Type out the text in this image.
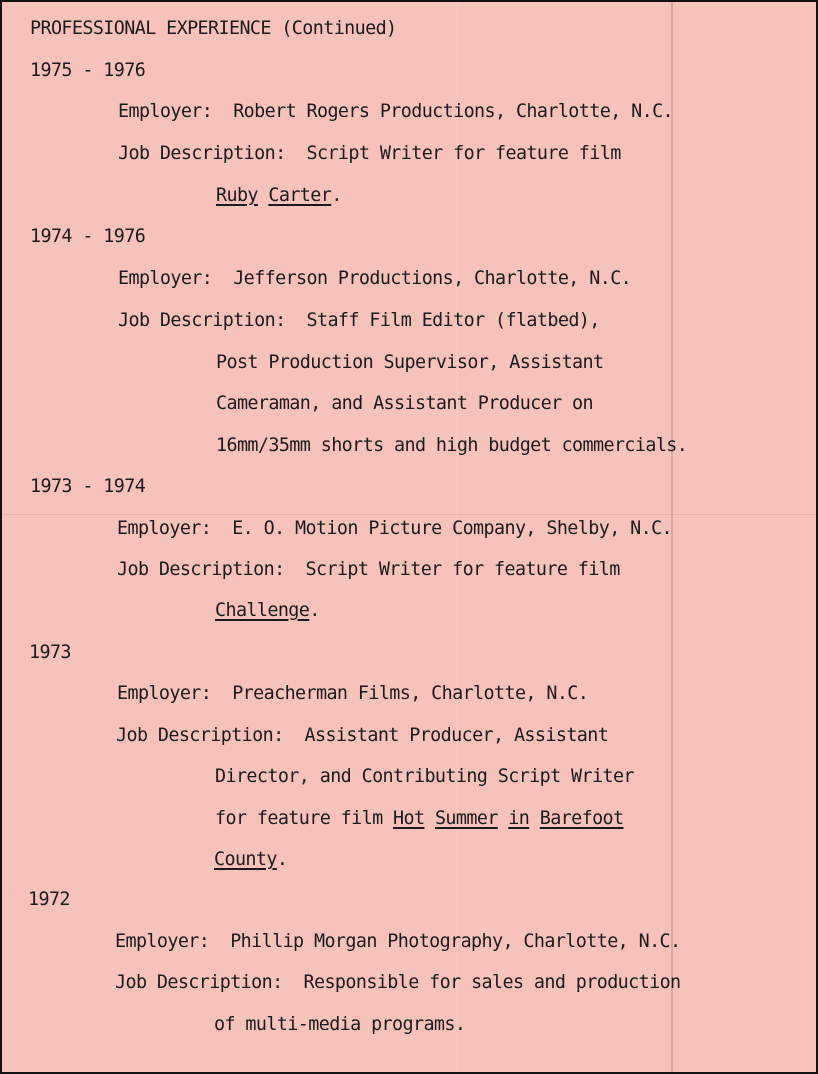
PROFESSIONAL EXPERIENCE (Continued)
1975 - 1976
Employer: Robert Rogers Productions, Charlotte, N.C.
Job Description: Script Writer for feature film
Ruby Carter.
1974 - 1976
Employer: Jefferson Productions, Charlotte, N.C.
Job Description: Staff Film Editor (flatbed),
Post Production Supervisor, Assistant
Cameraman, and Assistant Producer on
16mm/35mm shorts and high budget commercials.
1973 - 1974
Employer: E. O. Motion Picture Company, Shelby, N.C.
Job Description: Script Writer for feature film
Challenge.
1973
Employer: Preacherman Films, Charlotte, N.C.
Job Description: Assistant Producer, Assistant
Director, and Contributing Script Writer
for feature film Hot Summer in Barefoot
County.
1972
Employer: Phillip Morgan Photography, Charlotte, N.C.
Job Description: Responsible for sales and production
of multi-media programs.
